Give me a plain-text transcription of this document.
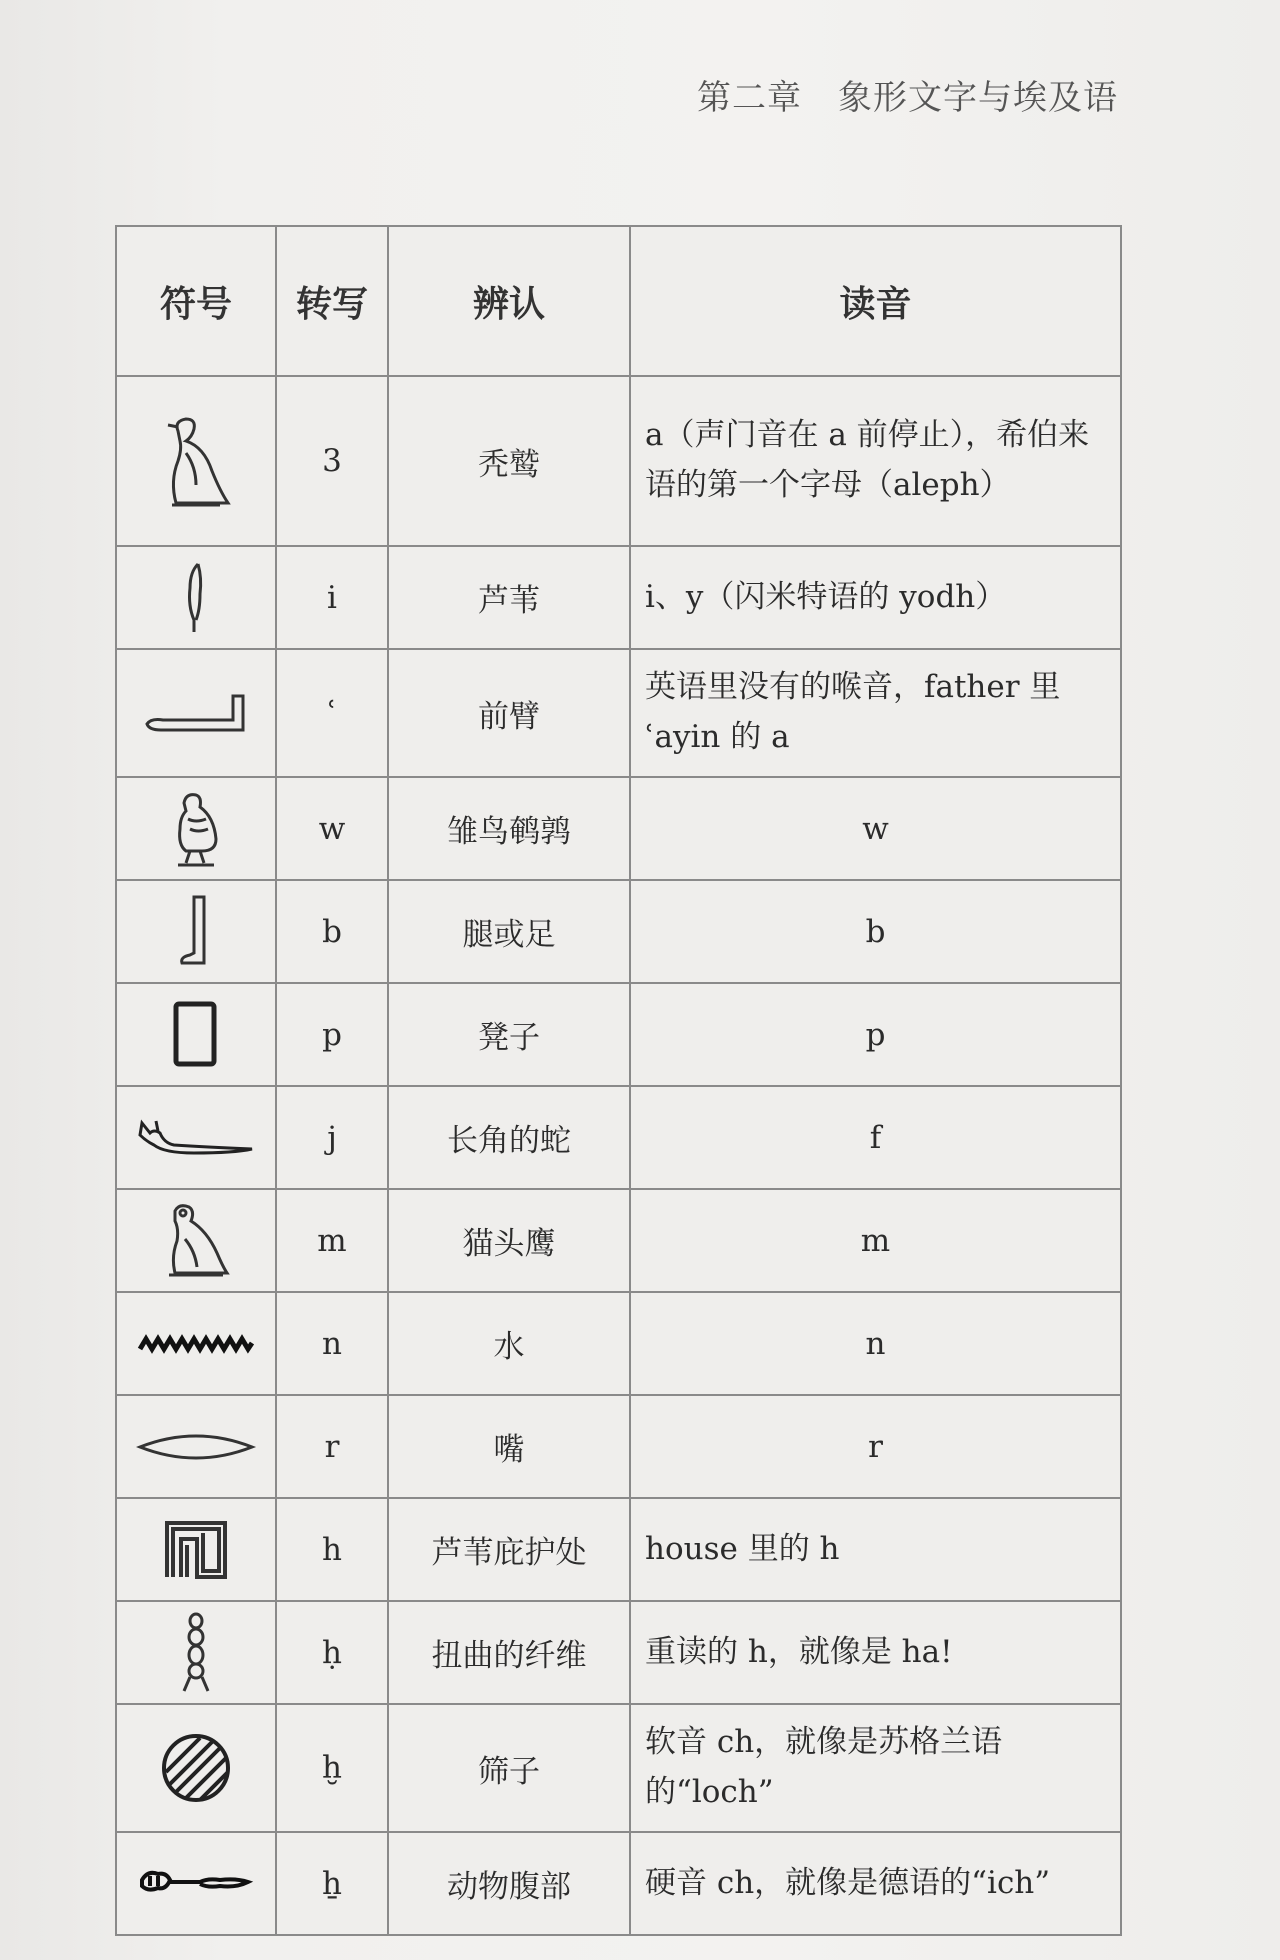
第二章 象形文字与埃及语
符号	转写	辨认	读音

	3	秃鹫	a（声门音在 a 前停止），希伯来语的第一个字母（aleph）

	i	芦苇	i、y（闪米特语的 yodh）

	ʿ	前臂	英语里没有的喉音，father 里 ʿayin 的 a

	w	雏鸟鹌鹑	w

	b	腿或足	b

	p	凳子	p

	j	长角的蛇	f

	m	猫头鹰	m

	n	水	n

	r	嘴	r

	h	芦苇庇护处	house 里的 h

	ḥ	扭曲的纤维	重读的 h，就像是 ha!

	ḫ	筛子	软音 ch，就像是苏格兰语的“loch”

	ẖ	动物腹部	硬音 ch，就像是德语的“ich”
